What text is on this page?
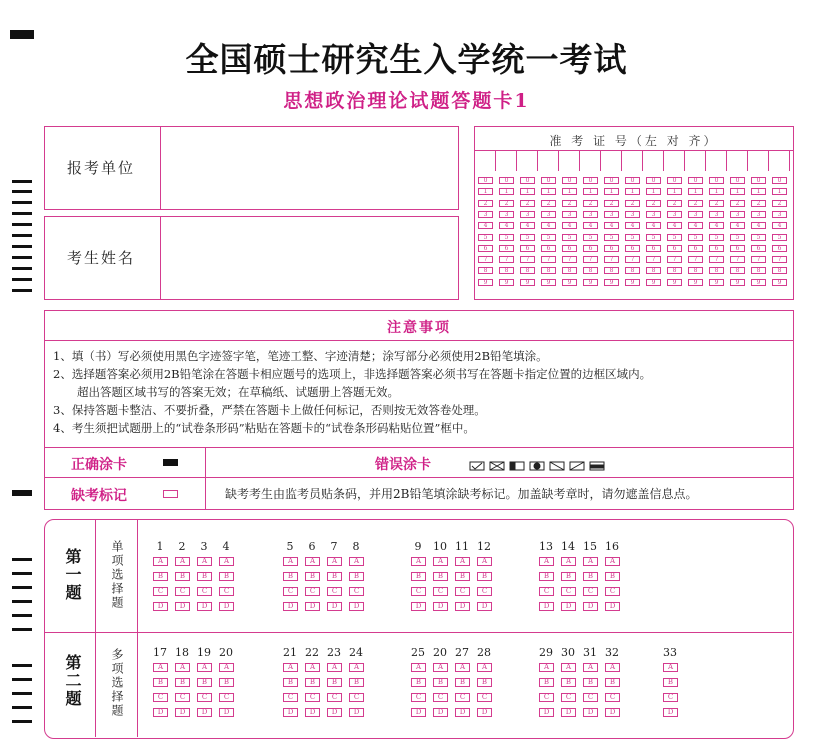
全国硕士研究生入学统一考试
思想政治理论试题答题卡1
报考单位
考生姓名
准 考 证 号（左 对 齐）
0
1
2
3
4
5
6
7
8
9
0
1
2
3
4
5
6
7
8
9
0
1
2
3
4
5
6
7
8
9
0
1
2
3
4
5
6
7
8
9
0
1
2
3
4
5
6
7
8
9
0
1
2
3
4
5
6
7
8
9
0
1
2
3
4
5
6
7
8
9
0
1
2
3
4
5
6
7
8
9
0
1
2
3
4
5
6
7
8
9
0
1
2
3
4
5
6
7
8
9
0
1
2
3
4
5
6
7
8
9
0
1
2
3
4
5
6
7
8
9
0
1
2
3
4
5
6
7
8
9
0
1
2
3
4
5
6
7
8
9
0
1
2
3
4
5
6
7
8
9
注意事项
1、填（书）写必须使用黑色字迹签字笔，笔迹工整、字迹清楚；涂写部分必须使用2B铅笔填涂。
2、选择题答案必须用2B铅笔涂在答题卡相应题号的选项上，非选择题答案必须书写在答题卡指定位置的边框区域内。
超出答题区域书写的答案无效；在草稿纸、试题册上答题无效。
3、保持答题卡整洁、不要折叠，严禁在答题卡上做任何标记，否则按无效答卷处理。
4、考生须把试题册上的“试卷条形码”粘贴在答题卡的“试卷条形码粘贴位置”框中。
正确涂卡	错误涂卡
缺考标记	缺考考生由监考员贴条码，并用2B铅笔填涂缺考标记。加盖缺考章时，请勿遮盖信息点。
第一题 单项选择题
第二题 多项选择题
1
A
B
C
D
2
A
B
C
D
3
A
B
C
D
4
A
B
C
D
5
A
B
C
D
6
A
B
C
D
7
A
B
C
D
8
A
B
C
D
9
A
B
C
D
10
A
B
C
D
11
A
B
C
D
12
A
B
C
D
13
A
B
C
D
14
A
B
C
D
15
A
B
C
D
16
A
B
C
D
17
A
B
C
D
18
A
B
C
D
19
A
B
C
D
20
A
B
C
D
21
A
B
C
D
22
A
B
C
D
23
A
B
C
D
24
A
B
C
D
25
A
B
C
D
20
A
B
C
D
27
A
B
C
D
28
A
B
C
D
29
A
B
C
D
30
A
B
C
D
31
A
B
C
D
32
A
B
C
D
33
A
B
C
D
